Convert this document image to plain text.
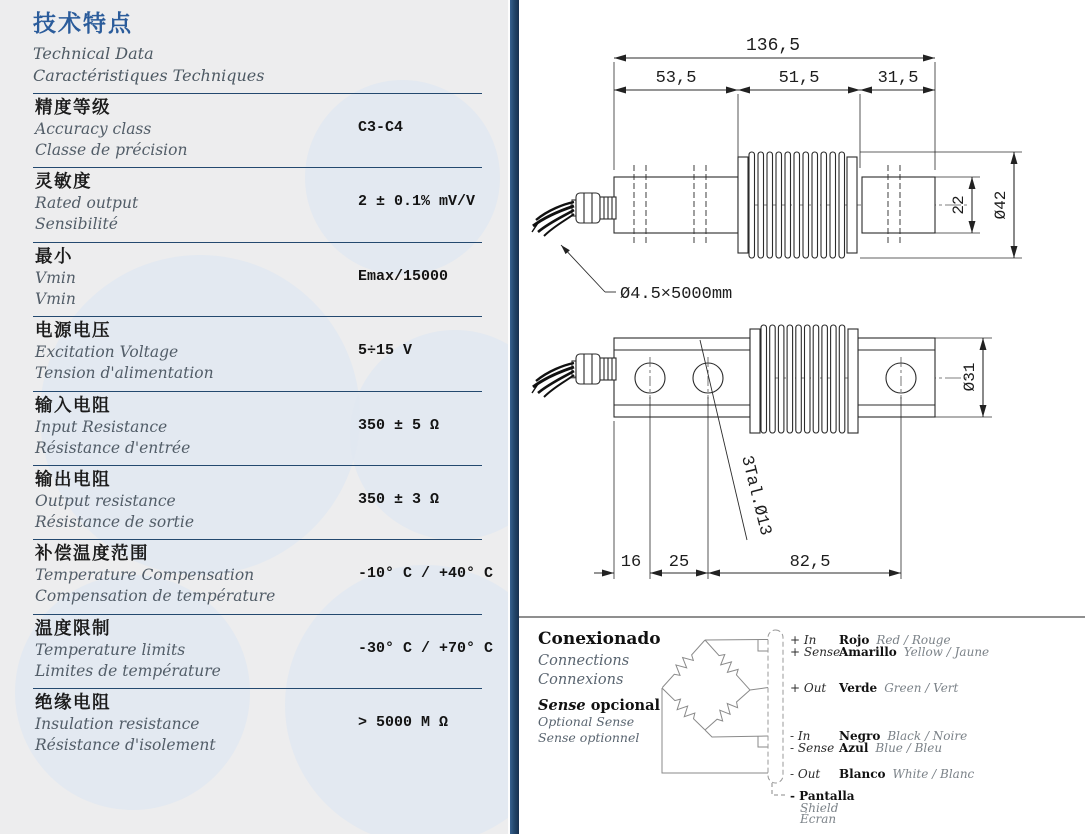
技术特点
Technical Data
Caractéristiques Techniques
精度等级
Accuracy class
Classe de précision
C3-C4
灵敏度
Rated output
Sensibilité
2 ± 0.1% mV/V
最小
Vmin
Vmin
Emax/15000
电源电压
Excitation Voltage
Tension d'alimentation
5÷15 V
输入电阻
Input Resistance
Résistance d'entrée
350 ± 5 Ω
输出电阻
Output resistance
Résistance de sortie
350 ± 3 Ω
补偿温度范围
Temperature Compensation
Compensation de température
-10° C / +40° C
温度限制
Temperature limits
Limites de température
-30° C / +70° C
绝缘电阻
Insulation resistance
Résistance d'isolement
> 5000 M Ω
136,5
53,5	51,5	31,5
22 Ø42
Ø4.5×5000mm
16 25	82,5
Ø31
3Tal.Ø13
Conexionado
Connections
Connexions
Sense opcional
Optional Sense
Sense optionnel
+ In Rojo Red / Rouge
+ SenseAmarillo Yellow / Jaune
+ Out Verde Green / Vert
- In Negro Black / Noire
- Sense Azul Blue / Bleu
- Out Blanco White / Blanc
- Pantalla
Shield
Écran
